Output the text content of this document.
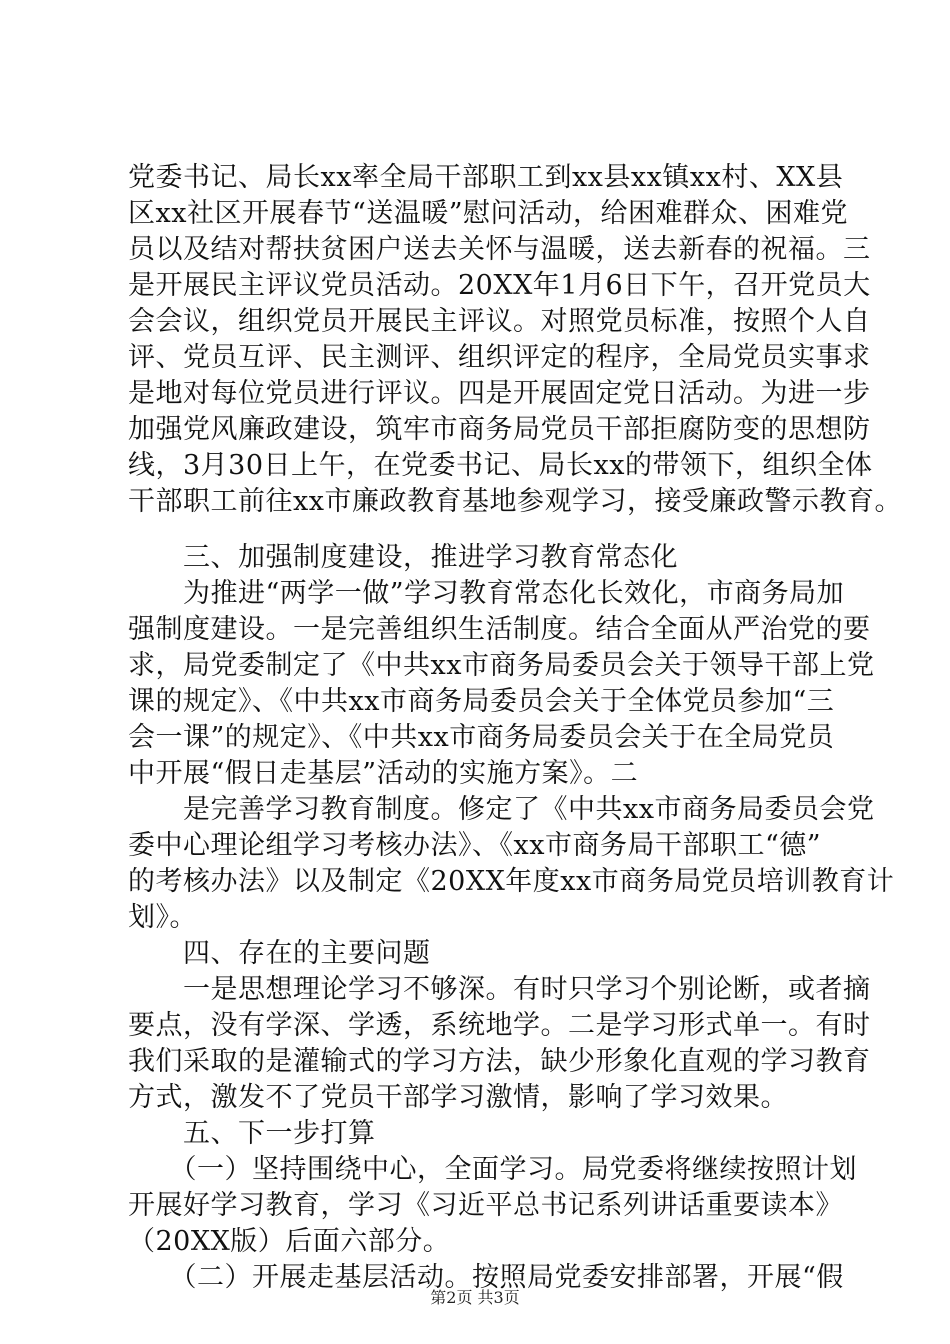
党委书记、局长xx率全局干部职工到xx县xx镇xx村、XX县
区xx社区开展春节“送温暖”慰问活动，给困难群众、困难党
员以及结对帮扶贫困户送去关怀与温暖，送去新春的祝福。三
是开展民主评议党员活动。20XX年1月6日下午，召开党员大
会会议，组织党员开展民主评议。对照党员标准，按照个人自
评、党员互评、民主测评、组织评定的程序，全局党员实事求
是地对每位党员进行评议。四是开展固定党日活动。为进一步
加强党风廉政建设，筑牢市商务局党员干部拒腐防变的思想防
线，3月30日上午，在党委书记、局长xx的带领下，组织全体
干部职工前往xx市廉政教育基地参观学习，接受廉政警示教育。
　　三、加强制度建设，推进学习教育常态化
　　为推进“两学一做”学习教育常态化长效化，市商务局加
强制度建设。一是完善组织生活制度。结合全面从严治党的要
求，局党委制定了《中共xx市商务局委员会关于领导干部上党
课的规定》、《中共xx市商务局委员会关于全体党员参加“三
会一课”的规定》、《中共xx市商务局委员会关于在全局党员
中开展“假日走基层”活动的实施方案》。二
　　是完善学习教育制度。修定了《中共xx市商务局委员会党
委中心理论组学习考核办法》、《xx市商务局干部职工“德”
的考核办法》以及制定《20XX年度xx市商务局党员培训教育计
划》。
　　四、存在的主要问题
　　一是思想理论学习不够深。有时只学习个别论断，或者摘
要点，没有学深、学透，系统地学。二是学习形式单一。有时
我们采取的是灌输式的学习方法，缺少形象化直观的学习教育
方式，激发不了党员干部学习激情，影响了学习效果。
　　五、下一步打算
　　（一）坚持围绕中心，全面学习。局党委将继续按照计划
开展好学习教育，学习《习近平总书记系列讲话重要读本》
（20XX版）后面六部分。
　　（二）开展走基层活动。按照局党委安排部署，开展“假
第2页 共3页
